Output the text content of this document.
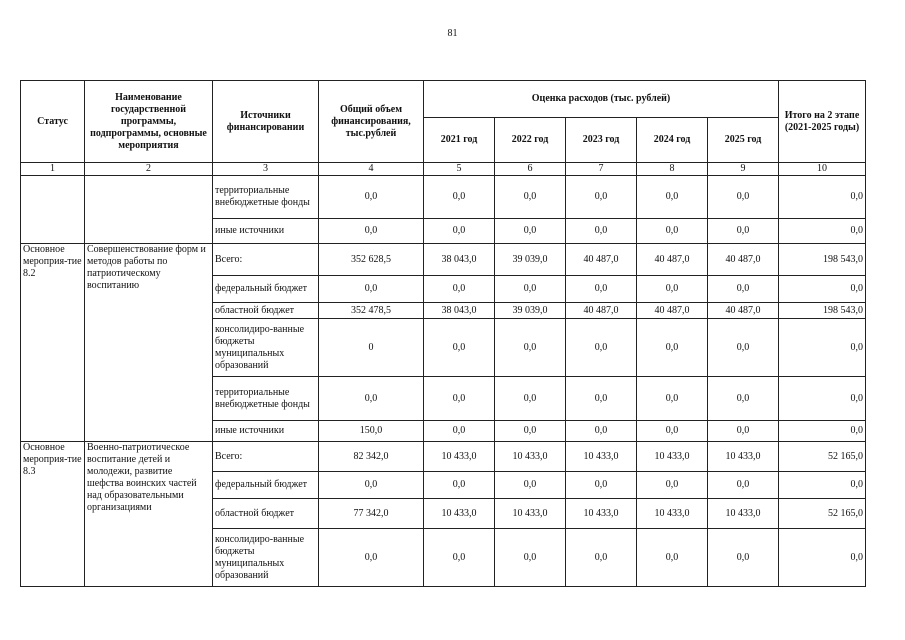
81
Статус	Наименование государственной программы, подпрограммы, основные мероприятия	Источники финансировании	Общий объем финансирования, тыс.рублей	Оценка расходов (тыс. рублей)					Итого на 2 этапе (2021-2025 годы)
				2021 год	2022 год	2023 год	2024 год	2025 год	
1	2	3	4	5	6	7	8	9	10
		территориальные внебюджетные фонды	0,0	0,0	0,0	0,0	0,0	0,0	0,0
		иные источники	0,0	0,0	0,0	0,0	0,0	0,0	0,0
Основное мероприя-тие 8.2	Совершенствование форм и методов работы по патриотическому воспитанию	Всего:	352 628,5	38 043,0	39 039,0	40 487,0	40 487,0	40 487,0	198 543,0
		федеральный бюджет	0,0	0,0	0,0	0,0	0,0	0,0	0,0
		областной бюджет	352 478,5	38 043,0	39 039,0	40 487,0	40 487,0	40 487,0	198 543,0
		консолидиро-ванные бюджеты муниципальных образований	0	0,0	0,0	0,0	0,0	0,0	0,0
		территориальные внебюджетные фонды	0,0	0,0	0,0	0,0	0,0	0,0	0,0
		иные источники	150,0	0,0	0,0	0,0	0,0	0,0	0,0
Основное мероприя-тие 8.3	Военно-патриотическое воспитание детей и молодежи, развитие шефства воинских частей над образовательными организациями	Всего:	82 342,0	10 433,0	10 433,0	10 433,0	10 433,0	10 433,0	52 165,0
		федеральный бюджет	0,0	0,0	0,0	0,0	0,0	0,0	0,0
		областной бюджет	77 342,0	10 433,0	10 433,0	10 433,0	10 433,0	10 433,0	52 165,0
		консолидиро-ванные бюджеты муниципальных образований	0,0	0,0	0,0	0,0	0,0	0,0	0,0
